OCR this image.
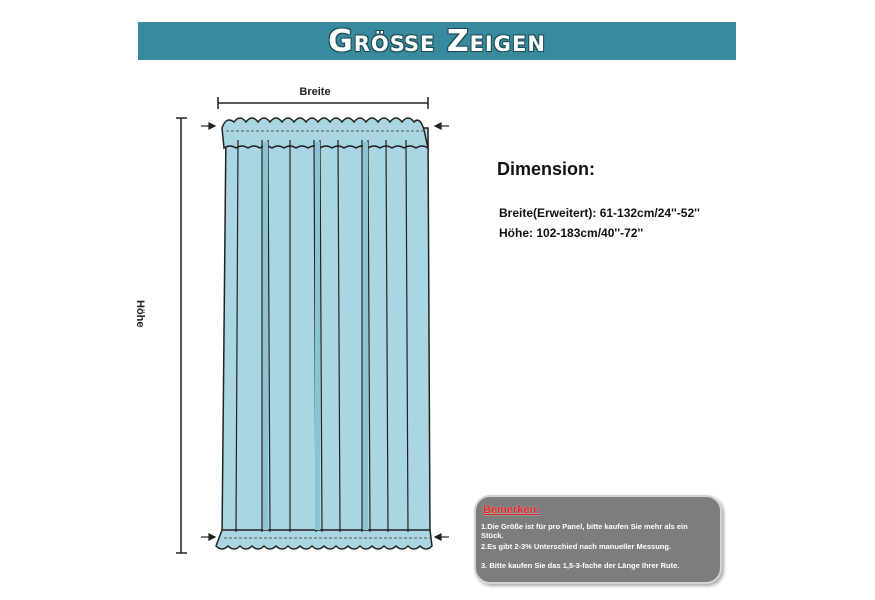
Größe Zeigen
Breite
Höhe
Dimension:
Breite(Erweitert): 61-132cm/24''-52''
Höhe: 102-183cm/40''-72''
Bemerken:
1.Die Größe ist für pro Panel, bitte kaufen Sie mehr als ein Stück.
2.Es gibt 2-3% Unterschied nach manueller Messung.
3. Bitte kaufen Sie das 1,5-3-fache der Länge Ihrer Rute.
